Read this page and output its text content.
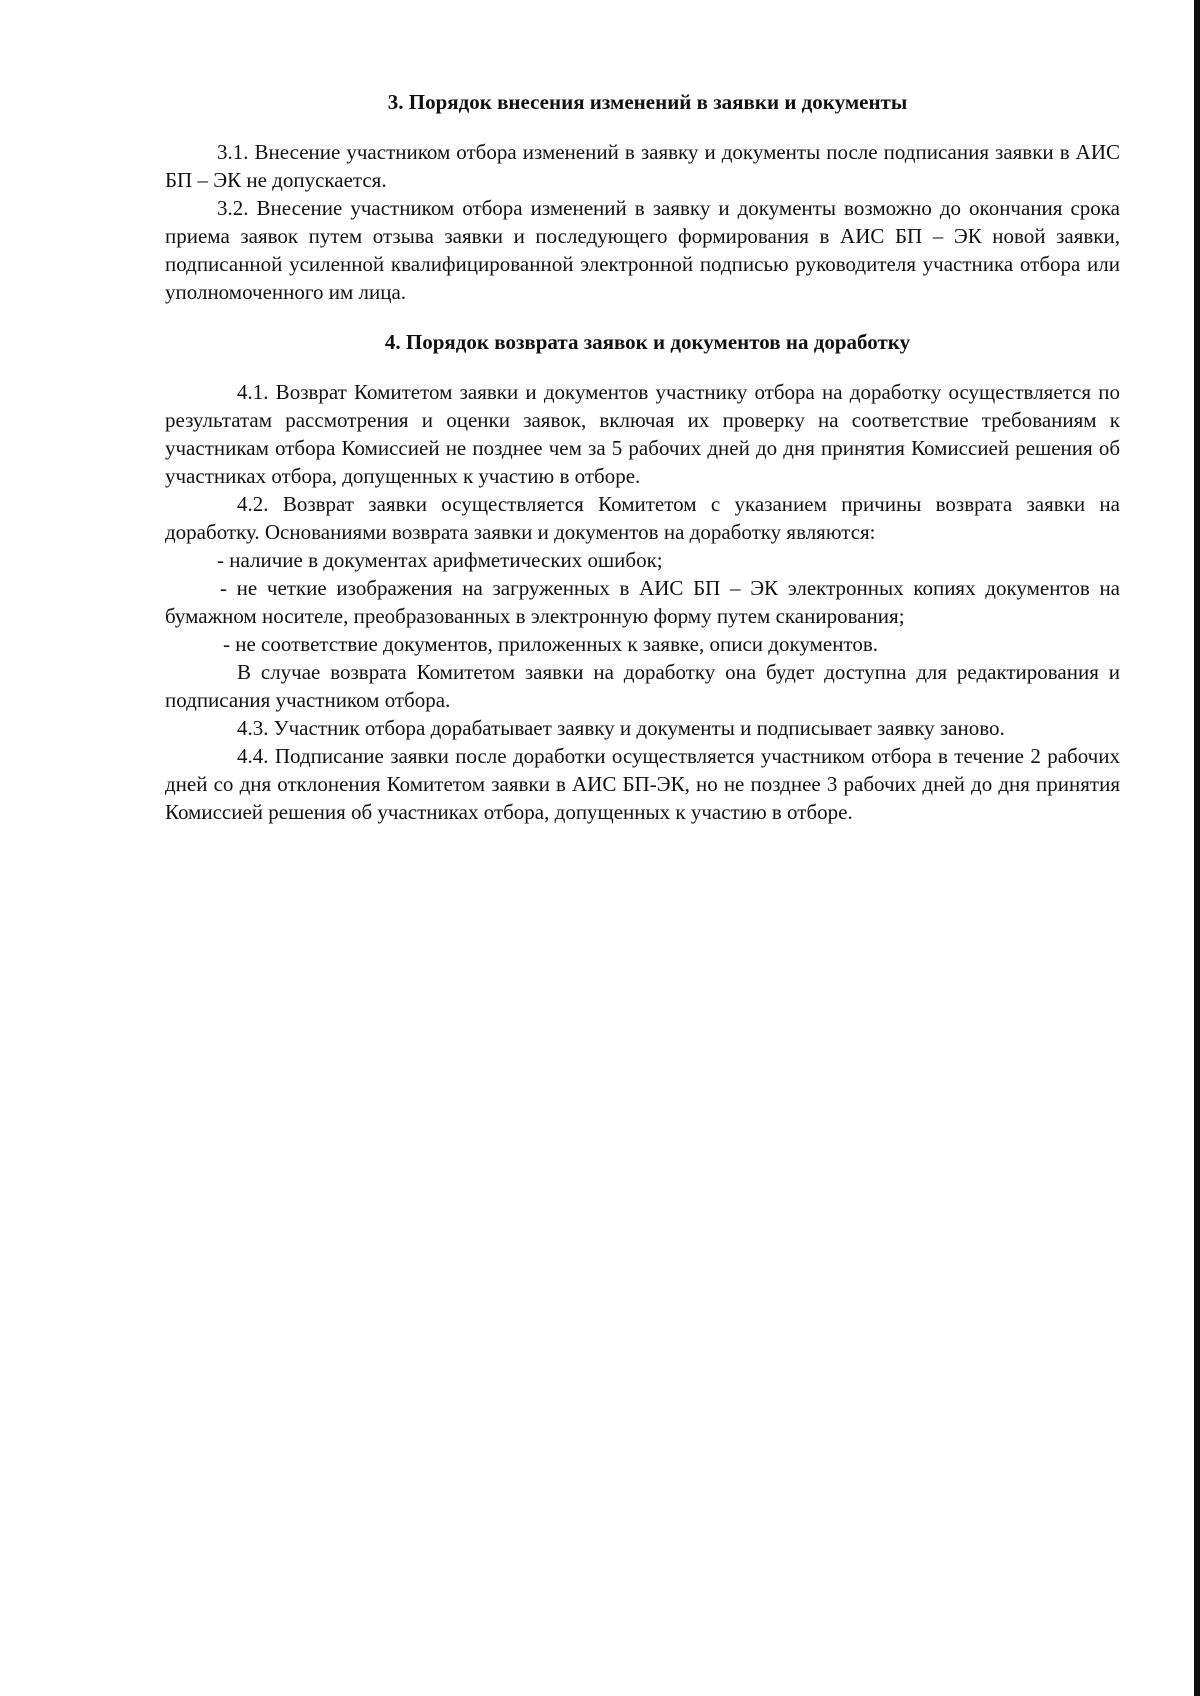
3. Порядок внесения изменений в заявки и документы

3.1. Внесение участником отбора изменений в заявку и документы после подписания заявки в АИС БП – ЭК не допускается.

3.2. Внесение участником отбора изменений в заявку и документы возможно до окончания срока приема заявок путем отзыва заявки и последующего формирования в АИС БП – ЭК новой заявки, подписанной усиленной квалифицированной электронной подписью руководителя участника отбора или уполномоченного им лица.

4. Порядок возврата заявок и документов на доработку

4.1. Возврат Комитетом заявки и документов участнику отбора на доработку осуществляется по результатам рассмотрения и оценки заявок, включая их проверку на соответствие требованиям к участникам отбора Комиссией не позднее чем за 5 рабочих дней до дня принятия Комиссией решения об участниках отбора, допущенных к участию в отборе.

4.2. Возврат заявки осуществляется Комитетом с указанием причины возврата заявки на доработку. Основаниями возврата заявки и документов на доработку являются:

- наличие в документах арифметических ошибок;

- не четкие изображения на загруженных в АИС БП – ЭК электронных копиях документов на бумажном носителе, преобразованных в электронную форму путем сканирования;

- не соответствие документов, приложенных к заявке, описи документов.

В случае возврата Комитетом заявки на доработку она будет доступна для редактирования и подписания участником отбора.

4.3. Участник отбора дорабатывает заявку и документы и подписывает заявку заново.

4.4. Подписание заявки после доработки осуществляется участником отбора в течение 2 рабочих дней со дня отклонения Комитетом заявки в АИС БП-ЭК, но не позднее 3 рабочих дней до дня принятия Комиссией решения об участниках отбора, допущенных к участию в отборе.
